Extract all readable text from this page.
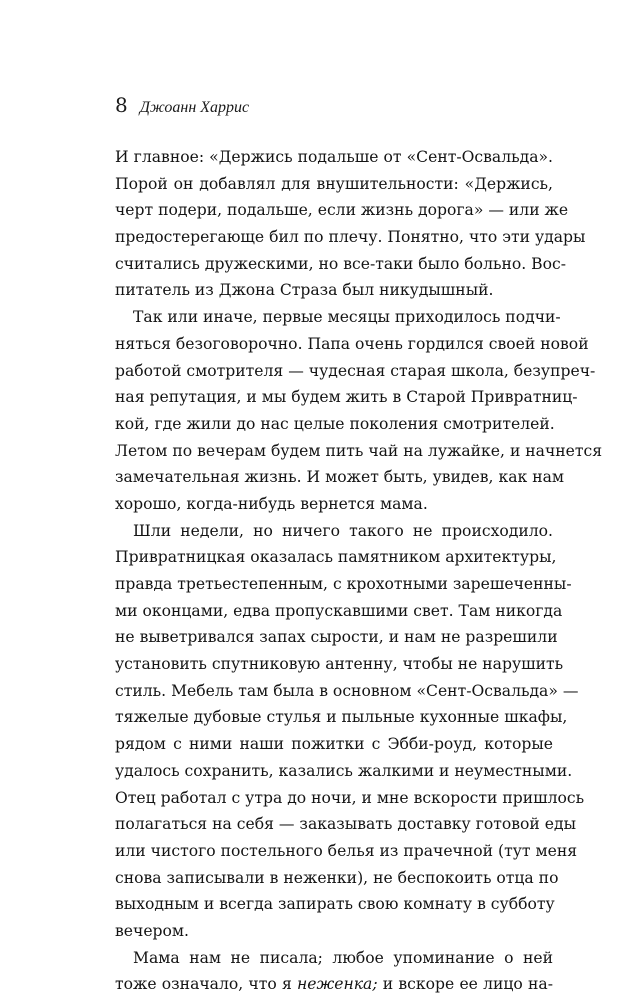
8 Джоанн Харрис
И главное: «Держись подальше от «Сент-Освальда».
Порой он добавлял для внушительности: «Держись,
черт подери, подальше, если жизнь дорога» — или же
предостерегающе бил по плечу. Понятно, что эти удары
считались дружескими, но все-таки было больно. Вос-
питатель из Джона Страза был никудышный.
Так или иначе, первые месяцы приходилось подчи-
няться безоговорочно. Папа очень гордился своей новой
работой смотрителя — чудесная старая школа, безупреч-
ная репутация, и мы будем жить в Старой Привратниц-
кой, где жили до нас целые поколения смотрителей.
Летом по вечерам будем пить чай на лужайке, и начнется
замечательная жизнь. И может быть, увидев, как нам
хорошо, когда-нибудь вернется мама.
Шли недели, но ничего такого не происходило.
Привратницкая оказалась памятником архитектуры,
правда третьестепенным, с крохотными зарешеченны-
ми оконцами, едва пропускавшими свет. Там никогда
не выветривался запах сырости, и нам не разрешили
установить спутниковую антенну, чтобы не нарушить
стиль. Мебель там была в основном «Сент-Освальда» —
тяжелые дубовые стулья и пыльные кухонные шкафы,
рядом с ними наши пожитки с Эбби-роуд, которые
удалось сохранить, казались жалкими и неуместными.
Отец работал с утра до ночи, и мне вскорости пришлось
полагаться на себя — заказывать доставку готовой еды
или чистого постельного белья из прачечной (тут меня
снова записывали в неженки), не беспокоить отца по
выходным и всегда запирать свою комнату в субботу
вечером.
Мама нам не писала; любое упоминание о ней
тоже означало, что я неженка; и вскоре ее лицо на-
